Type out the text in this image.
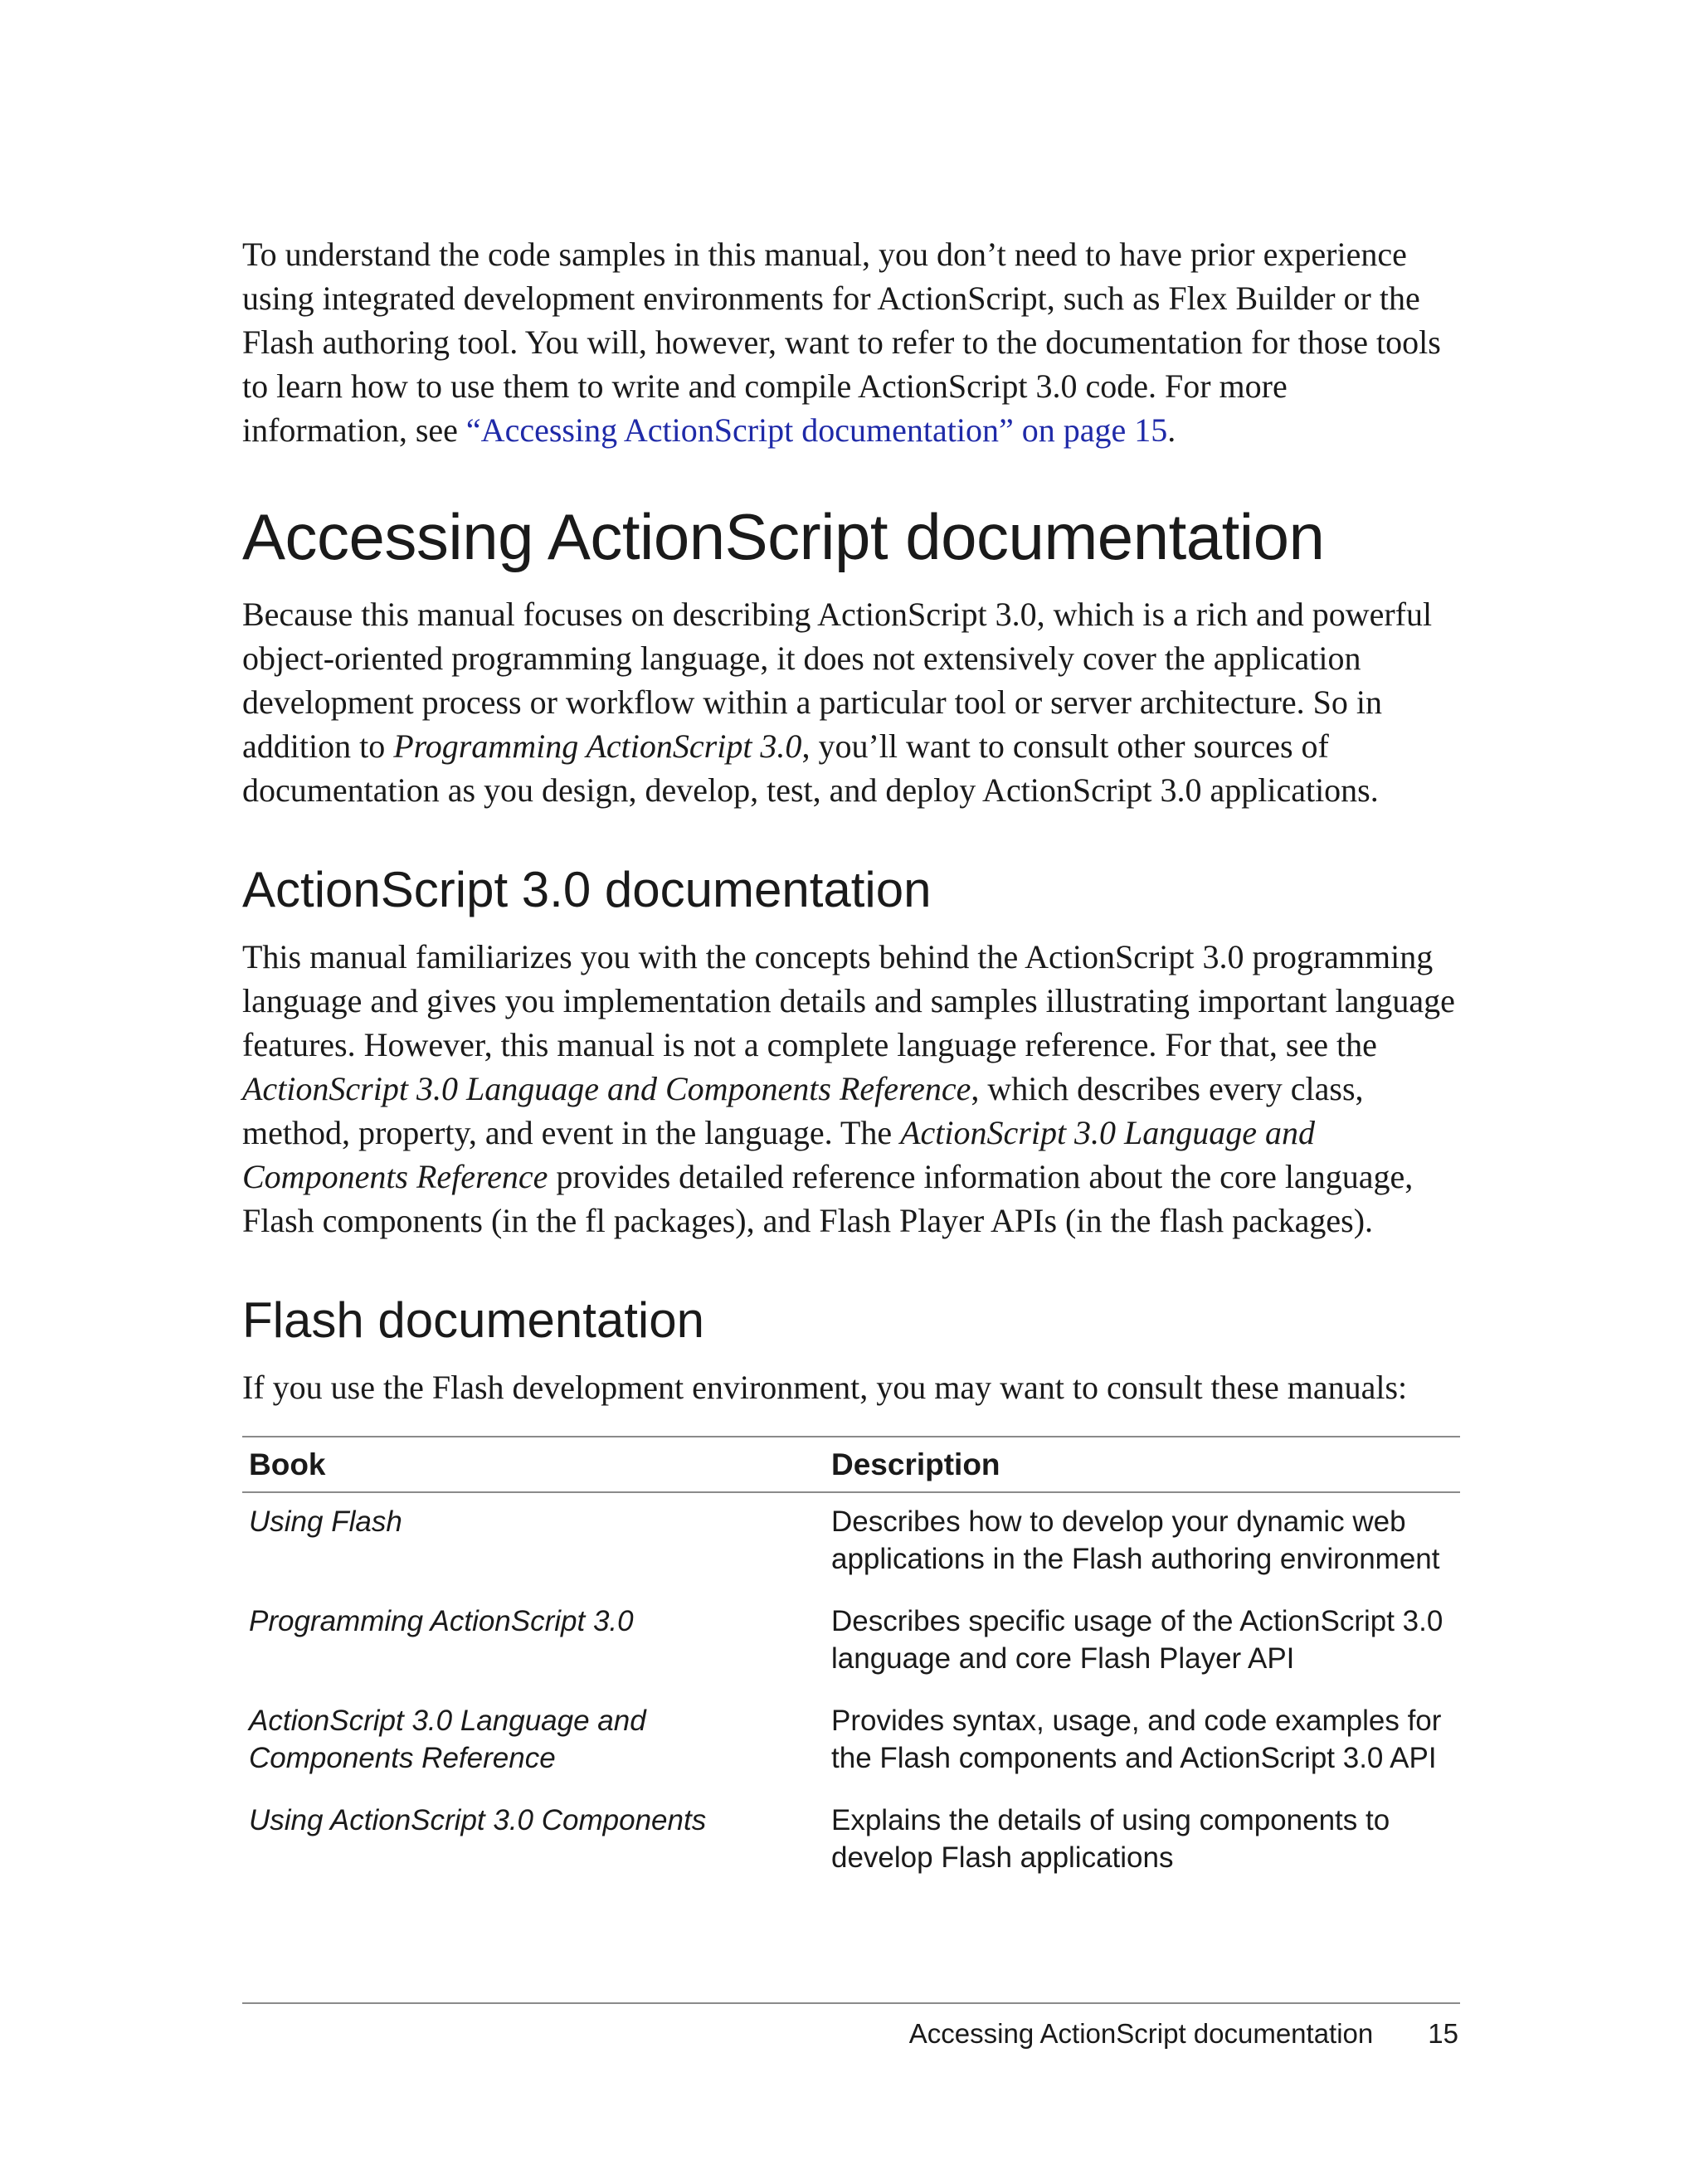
To understand the code samples in this manual, you don’t need to have prior experience using integrated development environments for ActionScript, such as Flex Builder or the Flash authoring tool. You will, however, want to refer to the documentation for those tools to learn how to use them to write and compile ActionScript 3.0 code. For more information, see “Accessing ActionScript documentation” on page 15.

Accessing ActionScript documentation

Because this manual focuses on describing ActionScript 3.0, which is a rich and powerful object-oriented programming language, it does not extensively cover the application development process or workflow within a particular tool or server architecture. So in addition to Programming ActionScript 3.0, you’ll want to consult other sources of documentation as you design, develop, test, and deploy ActionScript 3.0 applications.

ActionScript 3.0 documentation

This manual familiarizes you with the concepts behind the ActionScript 3.0 programming language and gives you implementation details and samples illustrating important language features. However, this manual is not a complete language reference. For that, see the ActionScript 3.0 Language and Components Reference, which describes every class, method, property, and event in the language. The ActionScript 3.0 Language and Components Reference provides detailed reference information about the core language, Flash components (in the fl packages), and Flash Player APIs (in the flash packages).

Flash documentation

If you use the Flash development environment, you may want to consult these manuals:

Book	Description
Using Flash	Describes how to develop your dynamic web applications in the Flash authoring environment
Programming ActionScript 3.0	Describes specific usage of the ActionScript 3.0 language and core Flash Player API
ActionScript 3.0 Language and Components Reference	Provides syntax, usage, and code examples for the Flash components and ActionScript 3.0 API
Using ActionScript 3.0 Components	Explains the details of using components to develop Flash applications
Accessing ActionScript documentation 15
